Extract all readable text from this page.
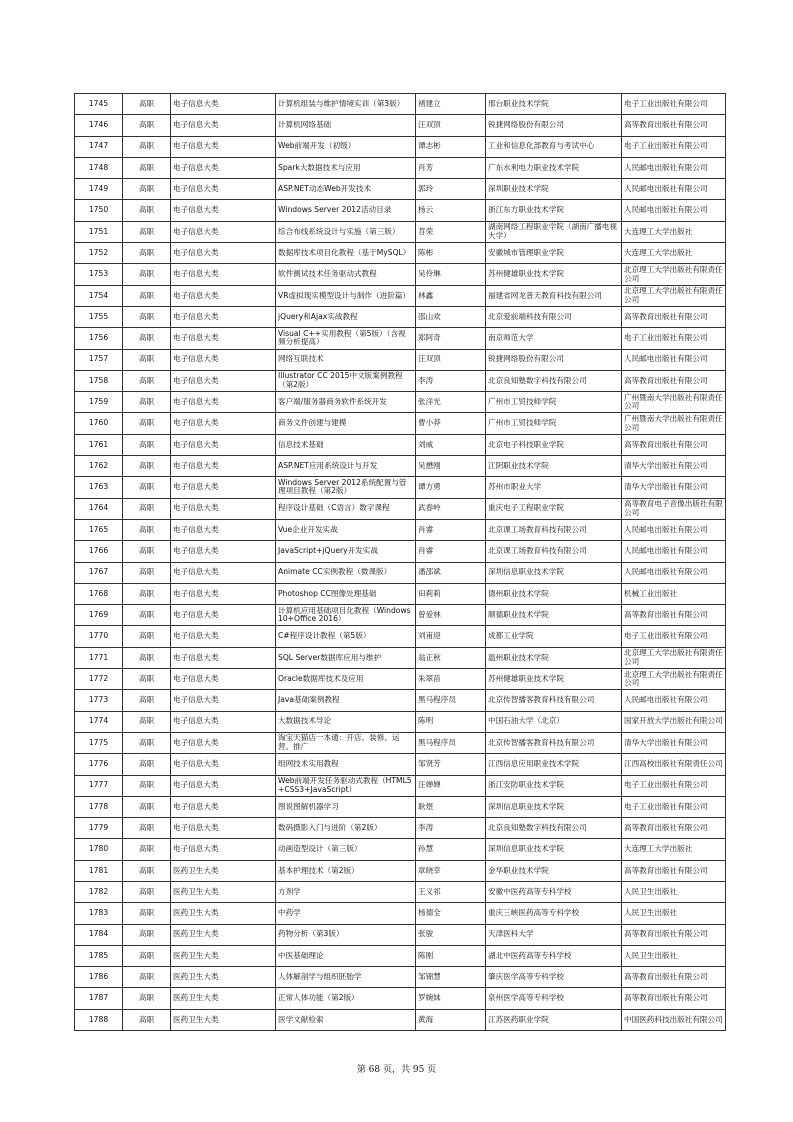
1745	高职	电子信息大类	计算机组装与维护情境实训（第3版）	褚建立	邢台职业技术学院	电子工业出版社有限公司
1746	高职	电子信息大类	计算机网络基础	汪双顶	锐捷网络股份有限公司	高等教育出版社有限公司
1747	高职	电子信息大类	Web前端开发（初级）	谭志彬	工业和信息化部教育与考试中心	电子工业出版社有限公司
1748	高职	电子信息大类	Spark大数据技术与应用	肖芳	广东水利电力职业技术学院	人民邮电出版社有限公司
1749	高职	电子信息大类	ASP.NET动态Web开发技术	郭玲	深圳职业技术学院	人民邮电出版社有限公司
1750	高职	电子信息大类	Windows Server 2012活动目录	杨云	浙江东方职业技术学院	人民邮电出版社有限公司
1751	高职	电子信息大类	综合布线系统设计与实施（第三版）	苕荣	湖南网络工程职业学院（湖南广播电视大学）	大连理工大学出版社
1752	高职	电子信息大类	数据库技术项目化教程（基于MySQL）	陈彬	安徽城市管理职业学院	大连理工大学出版社
1753	高职	电子信息大类	软件测试技术任务驱动式教程	吴伶琳	苏州健雄职业技术学院	北京理工大学出版社有限责任公司
1754	高职	电子信息大类	VR虚拟现实模型设计与制作（进阶篇）	林鑫	福建省网龙普天教育科技有限公司	北京理工大学出版社有限责任公司
1755	高职	电子信息大类	jQuery和Ajax实战教程	邵山欢	北京爱前端科技有限公司	高等教育出版社有限公司
1756	高职	电子信息大类	Visual C++实用教程（第5版）（含视频分析提高）	郑阿奇	南京师范大学	电子工业出版社有限公司
1757	高职	电子信息大类	网络互联技术	汪双顶	锐捷网络股份有限公司	人民邮电出版社有限公司
1758	高职	电子信息大类	Illustrator CC 2015中文版案例教程（第2版）	李涛	北京良知塾数字科技有限公司	高等教育出版社有限公司
1759	高职	电子信息大类	客户端/服务器商务软件系统开发	张洋光	广州市工贸技师学院	广州暨南大学出版社有限责任公司
1760	高职	电子信息大类	商务文件创建与建模	曹小莽	广州市工贸技师学院	广州暨南大学出版社有限责任公司
1761	高职	电子信息大类	信息技术基础	刘威	北京电子科技职业学院	高等教育出版社有限公司
1762	高职	电子信息大类	ASP.NET应用系统设计与开发	吴懋刚	江阴职业技术学院	清华大学出版社有限公司
1763	高职	电子信息大类	Windows Server 2012系统配置与管理项目教程（第2版）	谭方勇	苏州市职业大学	清华大学出版社有限公司
1764	高职	电子信息大类	程序设计基础（C语言）数字课程	武春岭	重庆电子工程职业学院	高等教育电子音像出版社有限公司
1765	高职	电子信息大类	Vue企业开发实战	肖睿	北京课工场教育科技有限公司	人民邮电出版社有限公司
1766	高职	电子信息大类	JavaScript+jQuery开发实战	肖睿	北京课工场教育科技有限公司	人民邮电出版社有限公司
1767	高职	电子信息大类	Animate CC实例教程（微课版）	潘邵斌	深圳信息职业技术学院	人民邮电出版社有限公司
1768	高职	电子信息大类	Photoshop CC图像处理基础	田莉莉	德州职业技术学院	机械工业出版社
1769	高职	电子信息大类	计算机应用基础项目化教程（Windows 10+Office 2016）	曾爱林	顺德职业技术学院	高等教育出版社有限公司
1770	高职	电子信息大类	C#程序设计教程（第5版）	刘甫迎	成都工业学院	电子工业出版社有限公司
1771	高职	电子信息大类	SQL Server数据库应用与维护	翁正秋	温州职业技术学院	北京理工大学出版社有限责任公司
1772	高职	电子信息大类	Oracle数据库技术及应用	朱翠苗	苏州健雄职业技术学院	北京理工大学出版社有限责任公司
1773	高职	电子信息大类	Java基础案例教程	黑马程序员	北京传智播客教育科技有限公司	人民邮电出版社有限公司
1774	高职	电子信息大类	大数据技术导论	陈明	中国石油大学（北京）	国家开放大学出版社有限公司
1775	高职	电子信息大类	淘宝天猫店一本通：开店、装修、运营、推广	黑马程序员	北京传智播客教育科技有限公司	清华大学出版社有限公司
1776	高职	电子信息大类	组网技术实用教程	邹贤芳	江西信息应用职业技术学院	江西高校出版社有限责任公司
1777	高职	电子信息大类	Web前端开发任务驱动式教程（HTML5+CSS3+JavaScript）	汪婵婵	浙江安防职业技术学院	电子工业出版社有限公司
1778	高职	电子信息大类	图说图解机器学习	耿煜	深圳信息职业技术学院	电子工业出版社有限公司
1779	高职	电子信息大类	数码摄影入门与进阶（第2版）	李涛	北京良知塾数字科技有限公司	高等教育出版社有限公司
1780	高职	电子信息大类	动画造型设计（第三版）	孙慧	深圳信息职业技术学院	大连理工大学出版社
1781	高职	医药卫生大类	基本护理技术（第2版）	章晓幸	金华职业技术学院	高等教育出版社有限公司
1782	高职	医药卫生大类	方剂学	王义祁	安徽中医药高等专科学校	人民卫生出版社
1783	高职	医药卫生大类	中药学	杨德全	重庆三峡医药高等专科学校	人民卫生出版社
1784	高职	医药卫生大类	药物分析（第3版）	张骏	天津医科大学	高等教育出版社有限公司
1785	高职	医药卫生大类	中医基础理论	陈刚	湖北中医药高等专科学校	人民卫生出版社
1786	高职	医药卫生大类	人体解剖学与组织胚胎学	邹锦慧	肇庆医学高等专科学校	高等教育出版社有限公司
1787	高职	医药卫生大类	正常人体功能（第2版）	罗婉妹	泉州医学高等专科学校	高等教育出版社有限公司
1788	高职	医药卫生大类	医学文献检索	黄海	江苏医药职业学院	中国医药科技出版社有限公司
第 68 页，共 95 页
